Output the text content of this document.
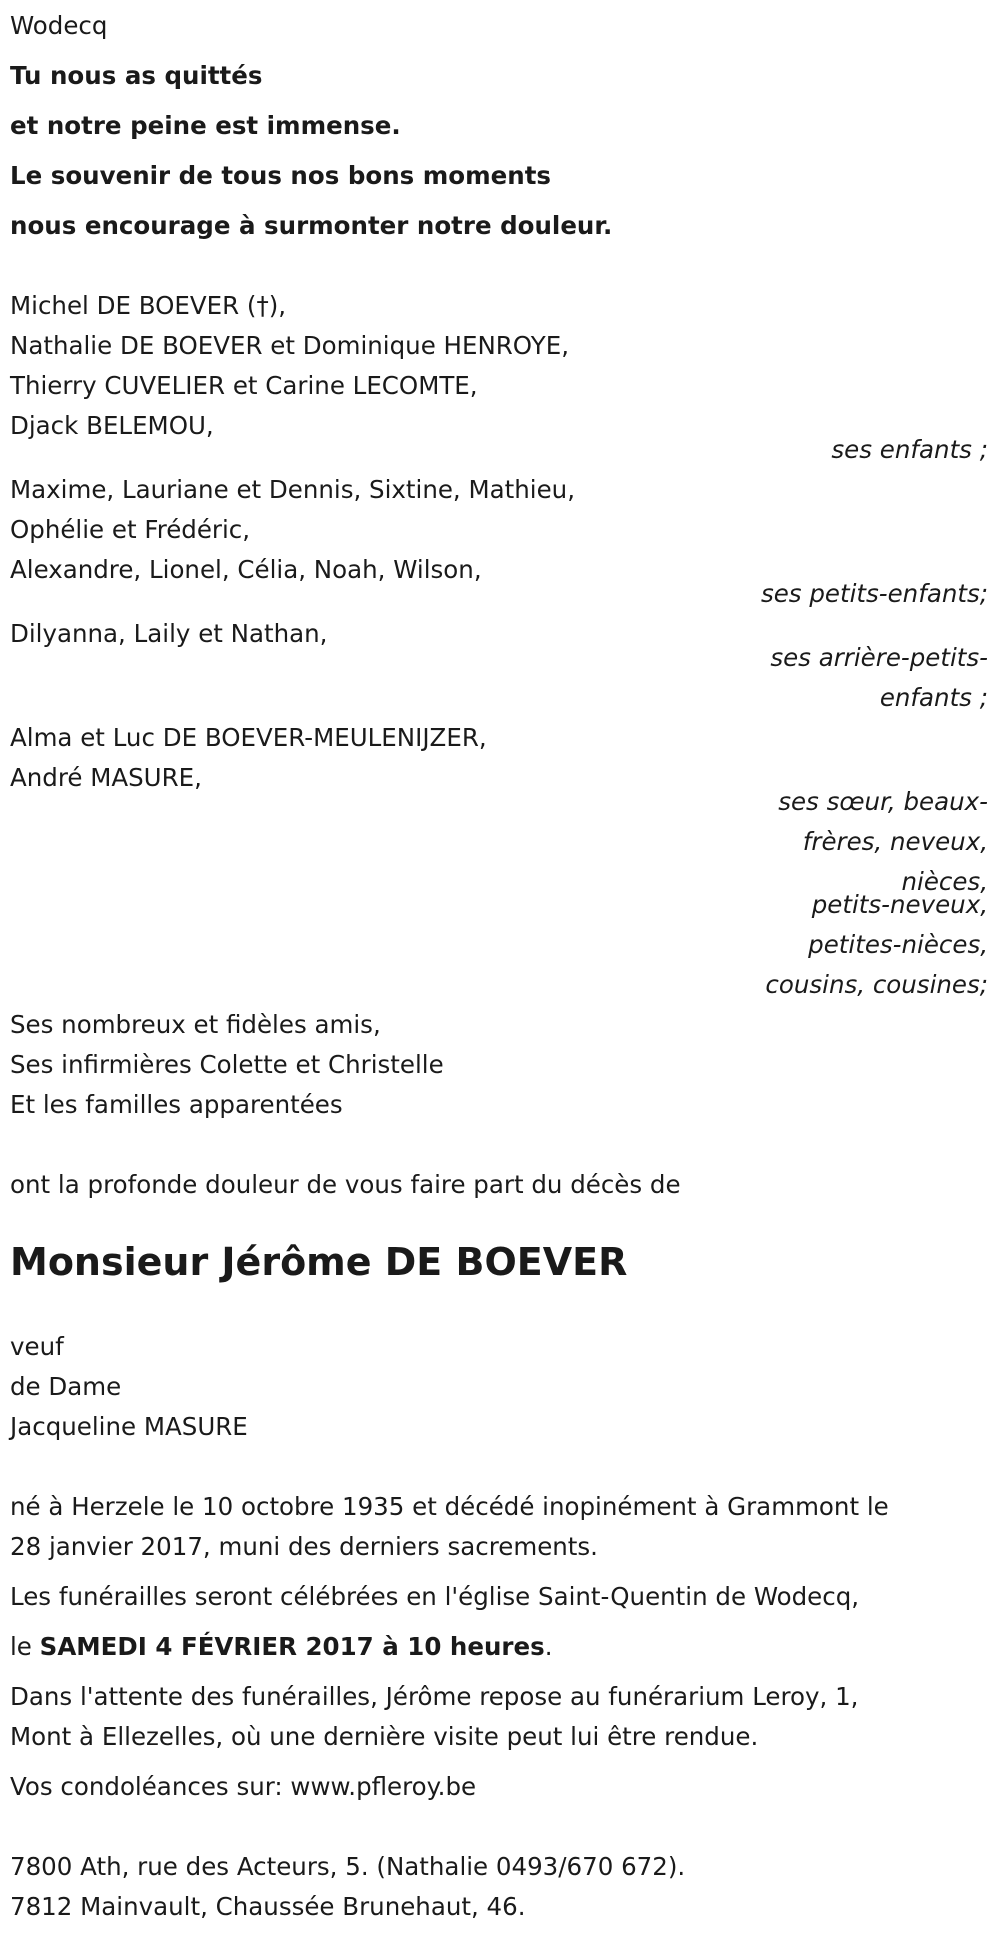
Wodecq
Tu nous as quittés
et notre peine est immense.
Le souvenir de tous nos bons moments
nous encourage à surmonter notre douleur.
Michel DE BOEVER (†),
Nathalie DE BOEVER et Dominique HENROYE,
Thierry CUVELIER et Carine LECOMTE,
Djack BELEMOU,
ses enfants ;
Maxime, Lauriane et Dennis, Sixtine, Mathieu,
Ophélie et Frédéric,
Alexandre, Lionel, Célia, Noah, Wilson,
ses petits-enfants;
Dilyanna, Laily et Nathan,
ses arrière-petits-
enfants ;
Alma et Luc DE BOEVER-MEULENIJZER,
André MASURE,
ses sœur, beaux-
frères, neveux,
nièces,
petits-neveux,
petites-nièces,
cousins, cousines;
Ses nombreux et fidèles amis,
Ses infirmières Colette et Christelle
Et les familles apparentées
ont la profonde douleur de vous faire part du décès de
Monsieur Jérôme DE BOEVER
veuf
de Dame
Jacqueline MASURE
né à Herzele le 10 octobre 1935 et décédé inopinément à Grammont le
28 janvier 2017, muni des derniers sacrements.
Les funérailles seront célébrées en l'église Saint-Quentin de Wodecq,
le SAMEDI 4 FÉVRIER 2017 à 10 heures.
Dans l'attente des funérailles, Jérôme repose au funérarium Leroy, 1,
Mont à Ellezelles, où une dernière visite peut lui être rendue.
Vos condoléances sur: www.pfleroy.be
7800 Ath, rue des Acteurs, 5. (Nathalie 0493/670 672).
7812 Mainvault, Chaussée Brunehaut, 46.
